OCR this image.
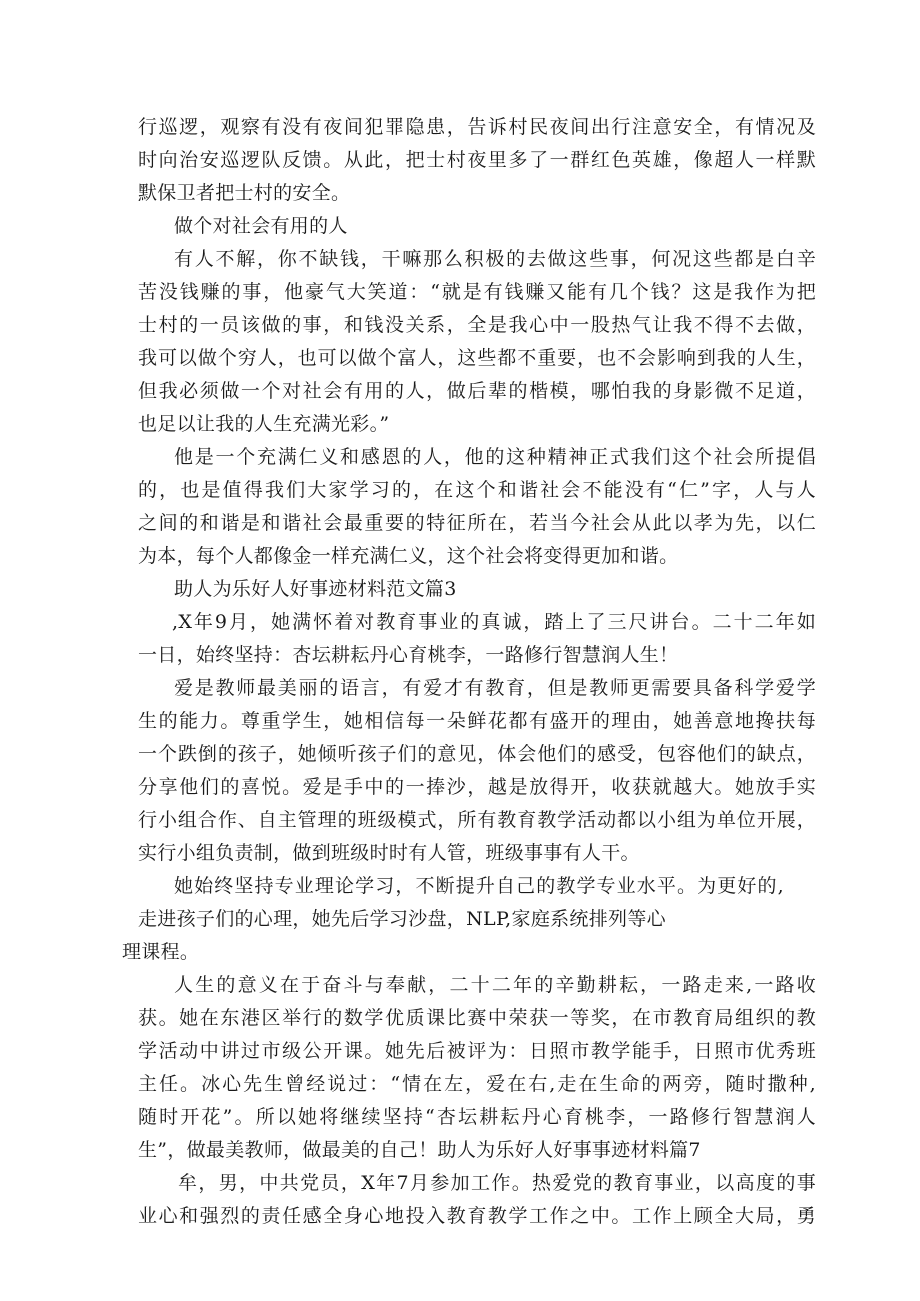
行巡逻，观察有没有夜间犯罪隐患，告诉村民夜间出行注意安全，有情况及
时向治安巡逻队反馈。从此，把士村夜里多了一群红色英雄，像超人一样默
默保卫者把士村的安全。
做个对社会有用的人
有人不解，你不缺钱，干嘛那么积极的去做这些事，何况这些都是白辛
苦没钱赚的事，他豪气大笑道：“就是有钱赚又能有几个钱？这是我作为把
士村的一员该做的事，和钱没关系，全是我心中一股热气让我不得不去做，
我可以做个穷人，也可以做个富人，这些都不重要，也不会影响到我的人生，
但我必须做一个对社会有用的人，做后辈的楷模，哪怕我的身影微不足道，
也足以让我的人生充满光彩。”
他是一个充满仁义和感恩的人，他的这种精神正式我们这个社会所提倡
的，也是值得我们大家学习的，在这个和谐社会不能没有“仁”字，人与人
之间的和谐是和谐社会最重要的特征所在，若当今社会从此以孝为先，以仁
为本，每个人都像金一样充满仁义，这个社会将变得更加和谐。
助人为乐好人好事迹材料范文篇3
,X年9月，她满怀着对教育事业的真诚，踏上了三尺讲台。二十二年如
一日，始终坚持：杏坛耕耘丹心育桃李，一路修行智慧润人生！
爱是教师最美丽的语言，有爱才有教育，但是教师更需要具备科学爱学
生的能力。尊重学生，她相信每一朵鲜花都有盛开的理由，她善意地搀扶每
一个跌倒的孩子，她倾听孩子们的意见，体会他们的感受，包容他们的缺点，
分享他们的喜悦。爱是手中的一捧沙，越是放得开，收获就越大。她放手实
行小组合作、自主管理的班级模式，所有教育教学活动都以小组为单位开展，
实行小组负责制，做到班级时时有人管，班级事事有人干。
她始终坚持专业理论学习，不断提升自己的教学专业水平。为更好的,
走进孩子们的心理，她先后学习沙盘，NLP,家庭系统排列等心
理课程。
人生的意义在于奋斗与奉献，二十二年的辛勤耕耘，一路走来,一路收
获。她在东港区举行的数学优质课比赛中荣获一等奖，在市教育局组织的教
学活动中讲过市级公开课。她先后被评为：日照市教学能手，日照市优秀班
主任。冰心先生曾经说过：“情在左，爱在右,走在生命的两旁，随时撒种,
随时开花”。所以她将继续坚持“杏坛耕耘丹心育桃李，一路修行智慧润人
生”，做最美教师，做最美的自己！助人为乐好人好事事迹材料篇7
牟，男，中共党员，X年7月参加工作。热爱党的教育事业，以高度的事
业心和强烈的责任感全身心地投入教育教学工作之中。工作上顾全大局，勇
